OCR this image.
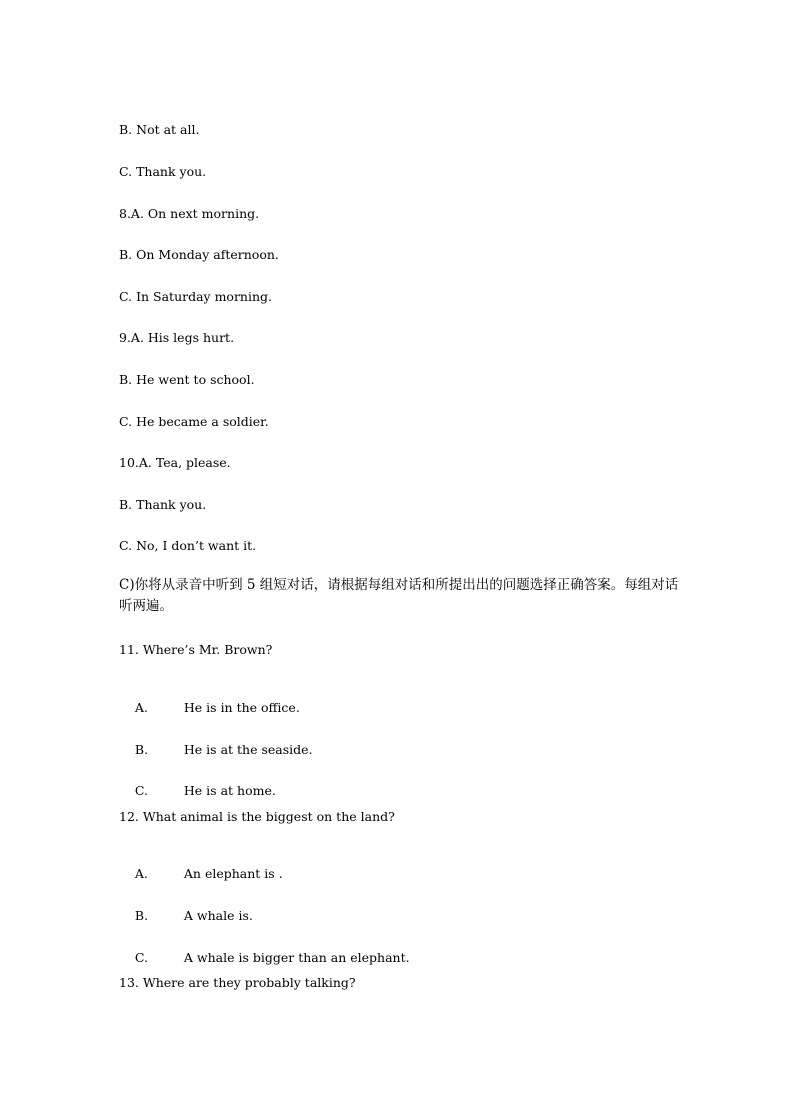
B. Not at all.
C. Thank you.
8.A. On next morning.
B. On Monday afternoon.
C. In Saturday morning.
9.A. His legs hurt.
B. He went to school.
C. He became a soldier.
10.A. Tea, please.
B. Thank you.
C. No, I don’t want it.
C)你将从录音中听到 5 组短对话，请根据每组对话和所提出出的问题选择正确答案。每组对话听两遍。
11. Where’s Mr. Brown?

A.	He is in the office.

B.	He is at the seaside.

C.	He is at home.

12. What animal is the biggest on the land?

A.	An elephant is .

B.	A whale is.

C.	A whale is bigger than an elephant.

13. Where are they probably talking?
